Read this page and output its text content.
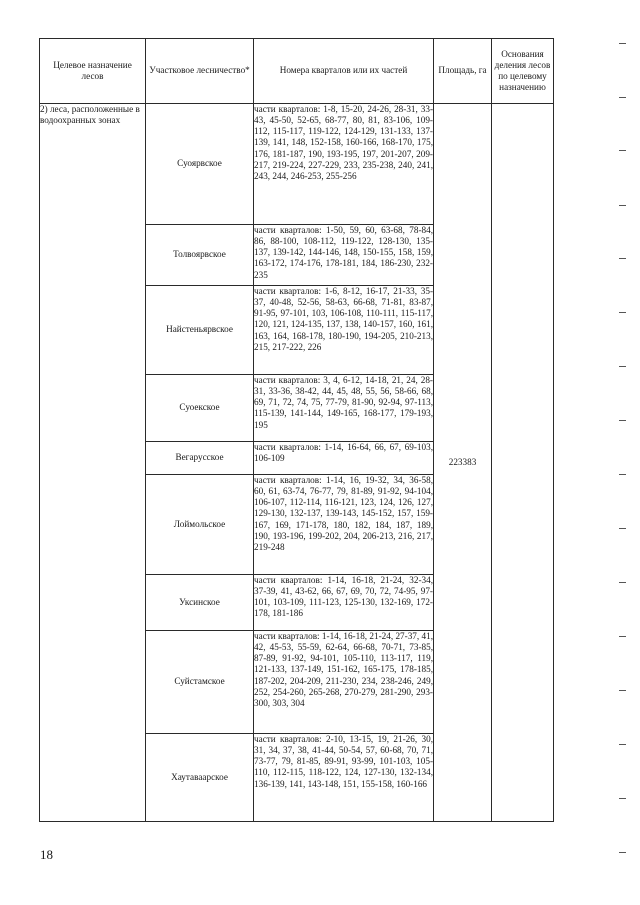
Целевое назначение лесов	Участковое лесничество*	Номера кварталов или их частей	Площадь, га	Основания деления лесов по целевому назначению

2) леса, расположенные в водоохранных зонах	Суоярвское	части кварталов: 1-8, 15-20, 24-26, 28-31, 33-43, 45-50, 52-65, 68-77, 80, 81, 83-106, 109-112, 115-117, 119-122, 124-129, 131-133, 137-139, 141, 148, 152-158, 160-166, 168-170, 175, 176, 181-187, 190, 193-195, 197, 201-207, 209-217, 219-224, 227-229, 233, 235-238, 240, 241, 243, 244, 246-253, 255-256	223383	

	Толвоярвское	части кварталов: 1-50, 59, 60, 63-68, 78-84, 86, 88-100, 108-112, 119-122, 128-130, 135-137, 139-142, 144-146, 148, 150-155, 158, 159, 163-172, 174-176, 178-181, 184, 186-230, 232-235		

	Найстеньярвское	части кварталов: 1-6, 8-12, 16-17, 21-33, 35-37, 40-48, 52-56, 58-63, 66-68, 71-81, 83-87, 91-95, 97-101, 103, 106-108, 110-111, 115-117, 120, 121, 124-135, 137, 138, 140-157, 160, 161, 163, 164, 168-178, 180-190, 194-205, 210-213, 215, 217-222, 226		

	Суоекское	части кварталов: 3, 4, 6-12, 14-18, 21, 24, 28-31, 33-36, 38-42, 44, 45, 48, 55, 56, 58-66, 68, 69, 71, 72, 74, 75, 77-79, 81-90, 92-94, 97-113, 115-139, 141-144, 149-165, 168-177, 179-193, 195		

	Вегарусское	части кварталов: 1-14, 16-64, 66, 67, 69-103, 106-109		

	Лоймольское	части кварталов: 1-14, 16, 19-32, 34, 36-58, 60, 61, 63-74, 76-77, 79, 81-89, 91-92, 94-104, 106-107, 112-114, 116-121, 123, 124, 126, 127, 129-130, 132-137, 139-143, 145-152, 157, 159-167, 169, 171-178, 180, 182, 184, 187, 189, 190, 193-196, 199-202, 204, 206-213, 216, 217, 219-248		

	Уксинское	части кварталов: 1-14, 16-18, 21-24, 32-34, 37-39, 41, 43-62, 66, 67, 69, 70, 72, 74-95, 97-101, 103-109, 111-123, 125-130, 132-169, 172-178, 181-186		

	Суйстамское	части кварталов: 1-14, 16-18, 21-24, 27-37, 41, 42, 45-53, 55-59, 62-64, 66-68, 70-71, 73-85, 87-89, 91-92, 94-101, 105-110, 113-117, 119, 121-133, 137-149, 151-162, 165-175, 178-185, 187-202, 204-209, 211-230, 234, 238-246, 249, 252, 254-260, 265-268, 270-279, 281-290, 293-300, 303, 304		

	Хаутаваарское	части кварталов: 2-10, 13-15, 19, 21-26, 30, 31, 34, 37, 38, 41-44, 50-54, 57, 60-68, 70, 71, 73-77, 79, 81-85, 89-91, 93-99, 101-103, 105-110, 112-115, 118-122, 124, 127-130, 132-134, 136-139, 141, 143-148, 151, 155-158, 160-166		
18
